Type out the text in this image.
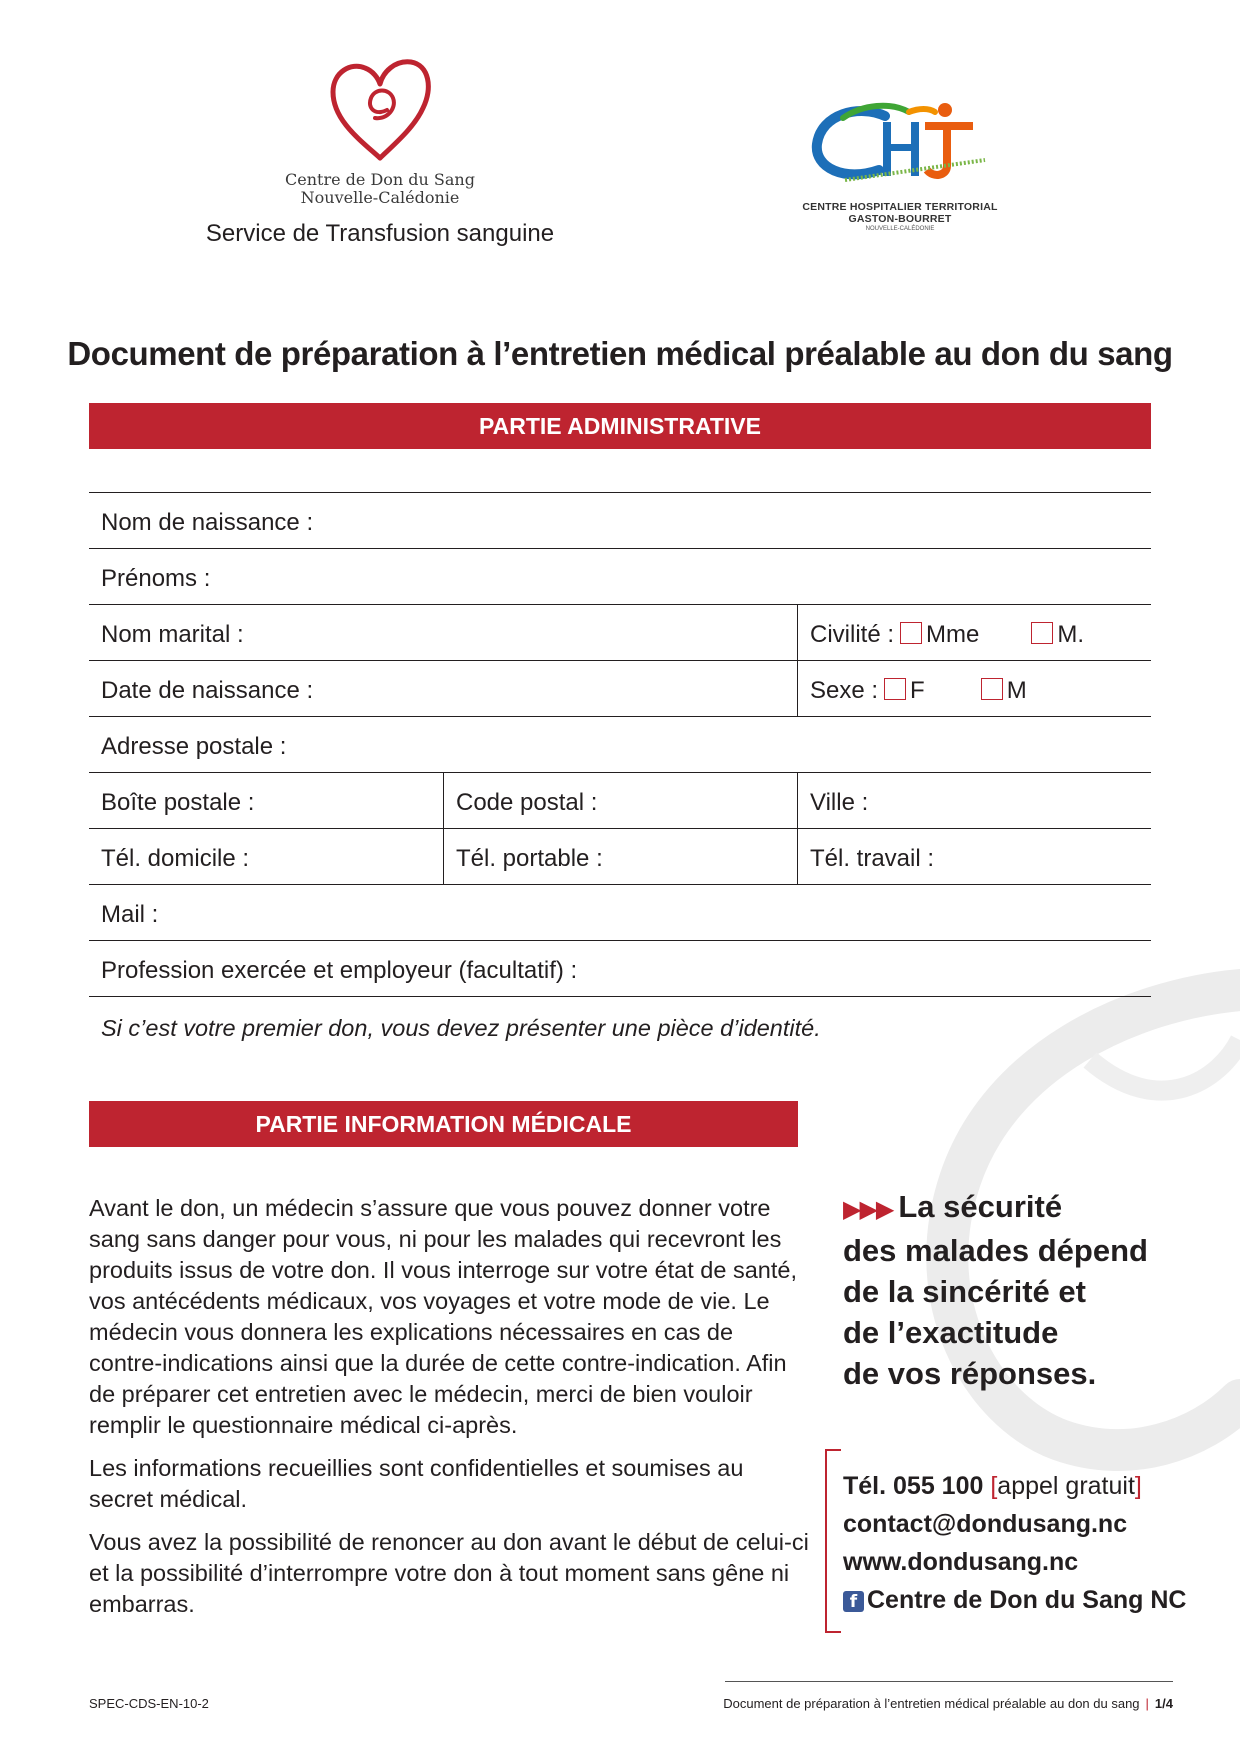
Centre de Don du Sang
Nouvelle-Calédonie
Service de Transfusion sanguine
CENTRE HOSPITALIER TERRITORIAL
GASTON-BOURRET
NOUVELLE-CALÉDONIE
Document de préparation à l’entretien médical préalable au don du sang
PARTIE ADMINISTRATIVE
Nom de naissance :
Prénoms :
Nom marital :	Civilité : Mme	M.
Date de naissance :	Sexe : F	M
Adresse postale :
Boîte postale :	Code postal :	Ville :
Tél. domicile :	Tél. portable :	Tél. travail :
Mail :
Profession exercée et employeur (facultatif) :
Si c’est votre premier don, vous devez présenter une pièce d’identité.
PARTIE INFORMATION MÉDICALE

Avant le don, un médecin s’assure que vous pouvez donner votre sang sans danger pour vous, ni pour les malades qui recevront les produits issus de votre don. Il vous interroge sur votre état de santé, vos antécédents médicaux, vos voyages et votre mode de vie. Le médecin vous donnera les explications nécessaires en cas de contre-indications ainsi que la durée de cette contre-indication. Afin de préparer cet entretien avec le médecin, merci de bien vouloir remplir le questionnaire médical ci-après.

Les informations recueillies sont confidentielles et soumises au secret médical.

Vous avez la possibilité de renoncer au don avant le début de celui-ci et la possibilité d’interrompre votre don à tout moment sans gêne ni embarras.

▶▶▶ La sécurité
des malades dépend
de la sincérité et
de l’exactitude
de vos réponses.
Tél. 055 100 [appel gratuit]
contact@dondusang.nc
www.dondusang.nc
f Centre de Don du Sang NC
SPEC-CDS-EN-10-2	Document de préparation à l’entretien médical préalable au don du sang | 1/4
